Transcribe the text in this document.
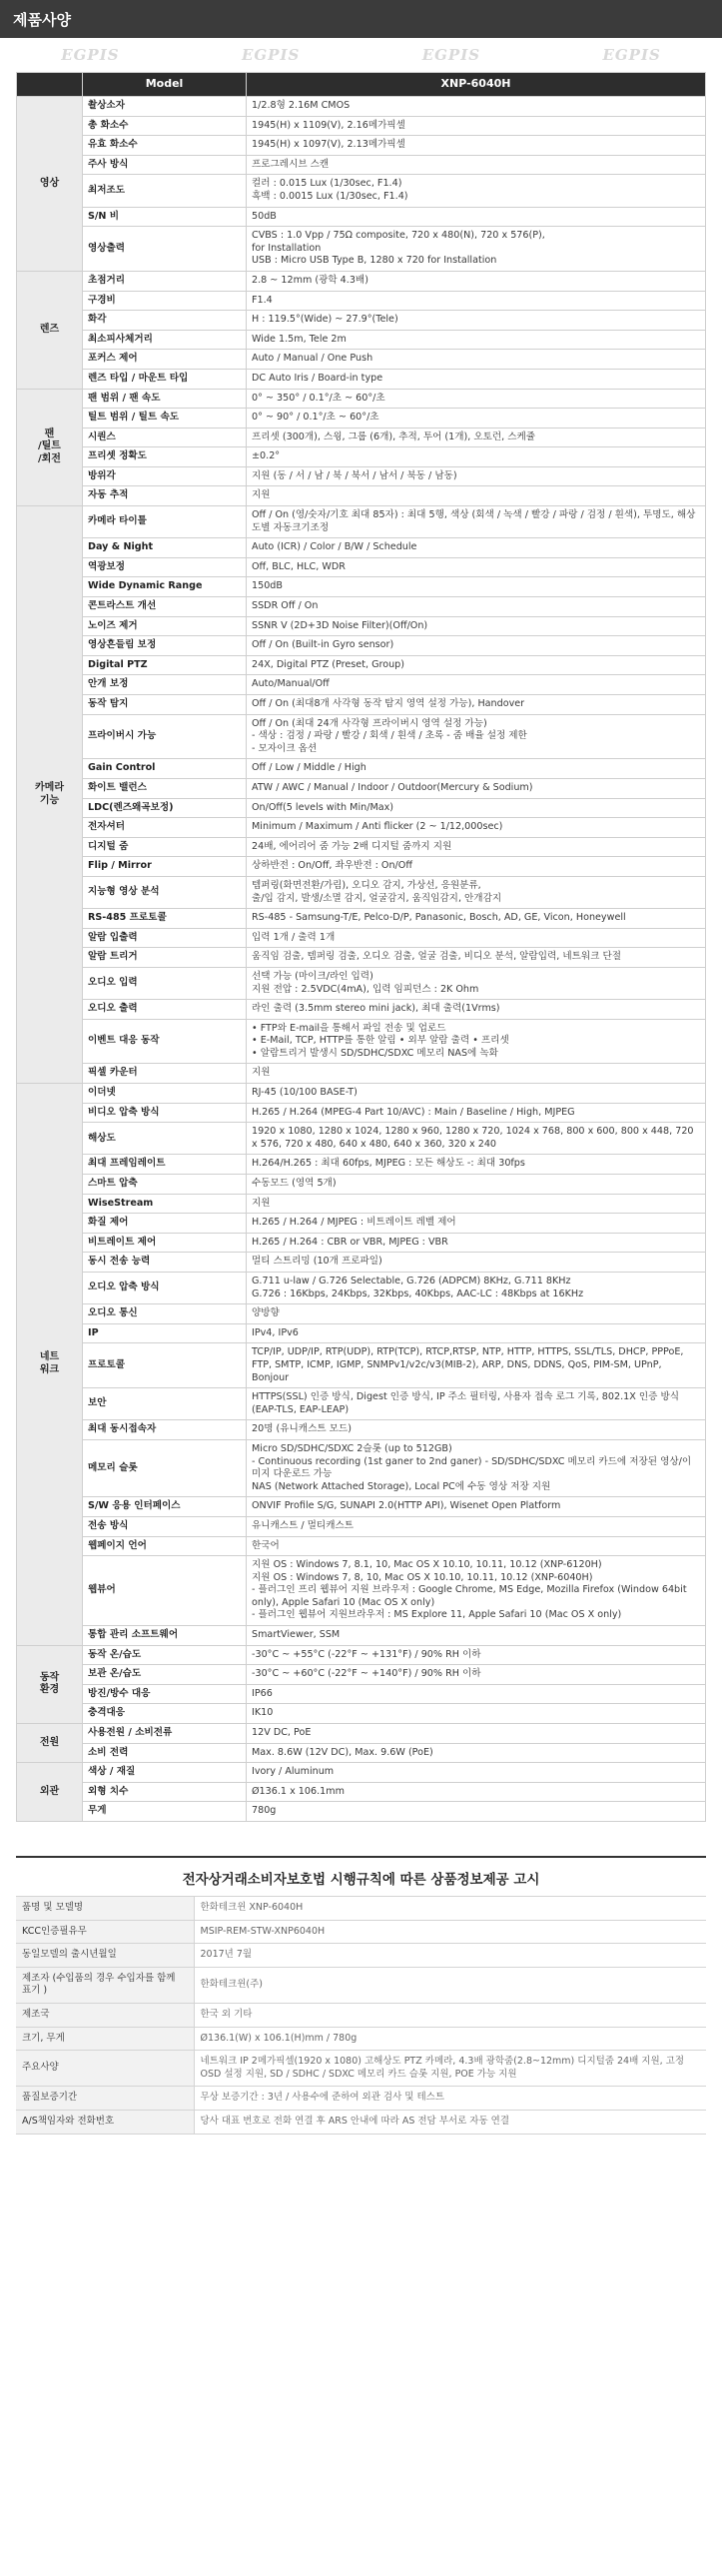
제품사양
EGPIS	EGPIS	EGPIS	EGPIS
	Model	XNP-6040H
영상	촬상소자	1/2.8형 2.16M CMOS
	총 화소수	1945(H) x 1109(V), 2.16메가픽셀
	유효 화소수	1945(H) x 1097(V), 2.13메가픽셀
	주사 방식	프로그레시브 스캔
	최저조도	컬러 : 0.015 Lux (1/30sec, F1.4)
흑백 : 0.0015 Lux (1/30sec, F1.4)
	S/N 비	50dB
	영상출력	CVBS : 1.0 Vpp / 75Ω composite, 720 x 480(N), 720 x 576(P),
for Installation
USB : Micro USB Type B, 1280 x 720 for Installation
렌즈	초점거리	2.8 ~ 12mm (광학 4.3배)
	구경비	F1.4
	화각	H : 119.5°(Wide) ~ 27.9°(Tele)
	최소피사체거리	Wide 1.5m, Tele 2m
	포커스 제어	Auto / Manual / One Push
	렌즈 타입 / 마운트 타입	DC Auto Iris / Board-in type
팬
/틸트
/회전	팬 범위 / 팬 속도	0° ~ 350° / 0.1°/초 ~ 60°/초
	틸트 범위 / 틸트 속도	0° ~ 90° / 0.1°/초 ~ 60°/초
	시퀀스	프리셋 (300개), 스윙, 그룹 (6개), 추적, 투어 (1개), 오토런, 스케쥴
	프리셋 정확도	±0.2°
	방위각	지원 (동 / 서 / 남 / 북 / 북서 / 남서 / 북동 / 남동)
	자동 추적	지원
카메라
기능	카메라 타이틀	Off / On (영/숫자/기호 최대 85자) : 최대 5행, 색상 (회색 / 녹색 / 빨강 / 파랑 / 검정 / 흰색), 투명도, 해상도별 자동크기조정
	Day & Night	Auto (ICR) / Color / B/W / Schedule
	역광보정	Off, BLC, HLC, WDR
	Wide Dynamic Range	150dB
	콘트라스트 개선	SSDR Off / On
	노이즈 제거	SSNR V (2D+3D Noise Filter)(Off/On)
	영상흔들림 보정	Off / On (Built-in Gyro sensor)
	Digital PTZ	24X, Digital PTZ (Preset, Group)
	안개 보정	Auto/Manual/Off
	동작 탐지	Off / On (최대8개 사각형 동작 탐지 영역 설정 가능), Handover
	프라이버시 가능	Off / On (최대 24개 사각형 프라이버시 영역 설정 가능)
- 색상 : 검정 / 파랑 / 빨강 / 회색 / 흰색 / 초록 - 줌 배율 설정 제한
- 모자이크 옵션
	Gain Control	Off / Low / Middle / High
	화이트 밸런스	ATW / AWC / Manual / Indoor / Outdoor(Mercury & Sodium)
	LDC(렌즈왜곡보정)	On/Off(5 levels with Min/Max)
	전자셔터	Minimum / Maximum / Anti flicker (2 ~ 1/12,000sec)
	디지털 줌	24배, 에어리어 줌 가능 2배 디지털 줌까지 지원
	Flip / Mirror	상하반전 : On/Off, 좌우반전 : On/Off
	지능형 영상 분석	템퍼링(화면전환/가림), 오디오 감지, 가상선, 응원분류,
출/입 감지, 발생/소멸 감지, 얼굴감지, 움직임감지, 안개감지
	RS-485 프로토콜	RS-485 - Samsung-T/E, Pelco-D/P, Panasonic, Bosch, AD, GE, Vicon, Honeywell
	알람 입출력	입력 1개 / 출력 1개
	알람 트리거	움직임 검출, 템퍼링 검출, 오디오 검출, 얼굴 검출, 비디오 분석, 알람입력, 네트워크 단절
	오디오 입력	선택 가능 (마이크/라인 입력)
지원 전압 : 2.5VDC(4mA), 입력 임피던스 : 2K Ohm
	오디오 출력	라인 출력 (3.5mm stereo mini jack), 최대 출력(1Vrms)
	이벤트 대응 동작	• FTP와 E-mail을 통해서 파일 전송 및 업로드
• E-Mail, TCP, HTTP를 통한 알림 • 외부 알람 출력 • 프리셋
• 알람트리거 발생시 SD/SDHC/SDXC 메모리 NAS에 녹화
	픽셀 카운터	지원
네트
워크	이더넷	RJ-45 (10/100 BASE-T)
	비디오 압축 방식	H.265 / H.264 (MPEG-4 Part 10/AVC) : Main / Baseline / High, MJPEG
	해상도	1920 x 1080, 1280 x 1024, 1280 x 960, 1280 x 720, 1024 x 768, 800 x 600, 800 x 448, 720 x 576, 720 x 480, 640 x 480, 640 x 360, 320 x 240
	최대 프레임레이트	H.264/H.265 : 최대 60fps, MJPEG : 모든 해상도 -: 최대 30fps
	스마트 압축	수동모드 (영역 5개)
	WiseStream	지원
	화질 제어	H.265 / H.264 / MJPEG : 비트레이트 레벨 제어
	비트레이트 제어	H.265 / H.264 : CBR or VBR, MJPEG : VBR
	동시 전송 능력	멀티 스트리밍 (10개 프로파일)
	오디오 압축 방식	G.711 u-law / G.726 Selectable, G.726 (ADPCM) 8KHz, G.711 8KHz
G.726 : 16Kbps, 24Kbps, 32Kbps, 40Kbps, AAC-LC : 48Kbps at 16KHz
	오디오 통신	양방향
	IP	IPv4, IPv6
	프로토콜	TCP/IP, UDP/IP, RTP(UDP), RTP(TCP), RTCP,RTSP, NTP, HTTP, HTTPS, SSL/TLS, DHCP, PPPoE, FTP, SMTP, ICMP, IGMP, SNMPv1/v2c/v3(MIB-2), ARP, DNS, DDNS, QoS, PIM-SM, UPnP, Bonjour
	보안	HTTPS(SSL) 인증 방식, Digest 인증 방식, IP 주소 필터링, 사용자 접속 로그 기록, 802.1X 인증 방식 (EAP-TLS, EAP-LEAP)
	최대 동시접속자	20명 (유니캐스트 모드)
	메모리 슬롯	Micro SD/SDHC/SDXC 2슬롯 (up to 512GB)
- Continuous recording (1st ganer to 2nd ganer) - SD/SDHC/SDXC 메모리 카드에 저장된 영상/이미지 다운로드 가능
NAS (Network Attached Storage), Local PC에 수동 영상 저장 지원
	S/W 응용 인터페이스	ONVIF Profile S/G, SUNAPI 2.0(HTTP API), Wisenet Open Platform
	전송 방식	유니캐스트 / 멀티캐스트
	웹페이지 언어	한국어
	웹뷰어	지원 OS : Windows 7, 8.1, 10, Mac OS X 10.10, 10.11, 10.12 (XNP-6120H)
지원 OS : Windows 7, 8, 10, Mac OS X 10.10, 10.11, 10.12 (XNP-6040H)
- 플러그인 프리 웹뷰어 지원 브라우저 : Google Chrome, MS Edge, Mozilla Firefox (Window 64bit only), Apple Safari 10 (Mac OS X only)
- 플러그인 웹뷰어 지원브라우저 : MS Explore 11, Apple Safari 10 (Mac OS X only)
	통합 관리 소프트웨어	SmartViewer, SSM
동작
환경	동작 온/습도	-30°C ~ +55°C (-22°F ~ +131°F) / 90% RH 이하
	보관 온/습도	-30°C ~ +60°C (-22°F ~ +140°F) / 90% RH 이하
	방진/방수 대응	IP66
	충격대응	IK10
전원	사용전원 / 소비전류	12V DC, PoE
	소비 전력	Max. 8.6W (12V DC), Max. 9.6W (PoE)
외관	색상 / 재질	Ivory / Aluminum
	외형 치수	Ø136.1 x 106.1mm
	무게	780g
전자상거래소비자보호법 시행규칙에 따른 상품정보제공 고시
품명 및 모델명	한화테크윈 XNP-6040H
KCC인증필유무	MSIP-REM-STW-XNP6040H
동일모델의 출시년월일	2017년 7월
제조자 (수입품의 경우 수입자를 함께 표기 )	한화테크윈(주)
제조국	한국 외 기타
크기, 무게	Ø136.1(W) x 106.1(H)mm / 780g
주요사양	네트워크 IP 2메가픽셀(1920 x 1080) 고해상도 PTZ 카메라, 4.3배 광학줌(2.8~12mm) 디지털줌 24배 지원, 고정 OSD 설정 지원, SD / SDHC / SDXC 메모리 카드 슬롯 지원, POE 가능 지원
품질보증기간	무상 보증기간 : 3년 / 사용수에 준하여 외관 검사 및 테스트
A/S책임자와 전화번호	당사 대표 번호로 전화 연결 후 ARS 안내에 따라 AS 전담 부서로 자동 연결
